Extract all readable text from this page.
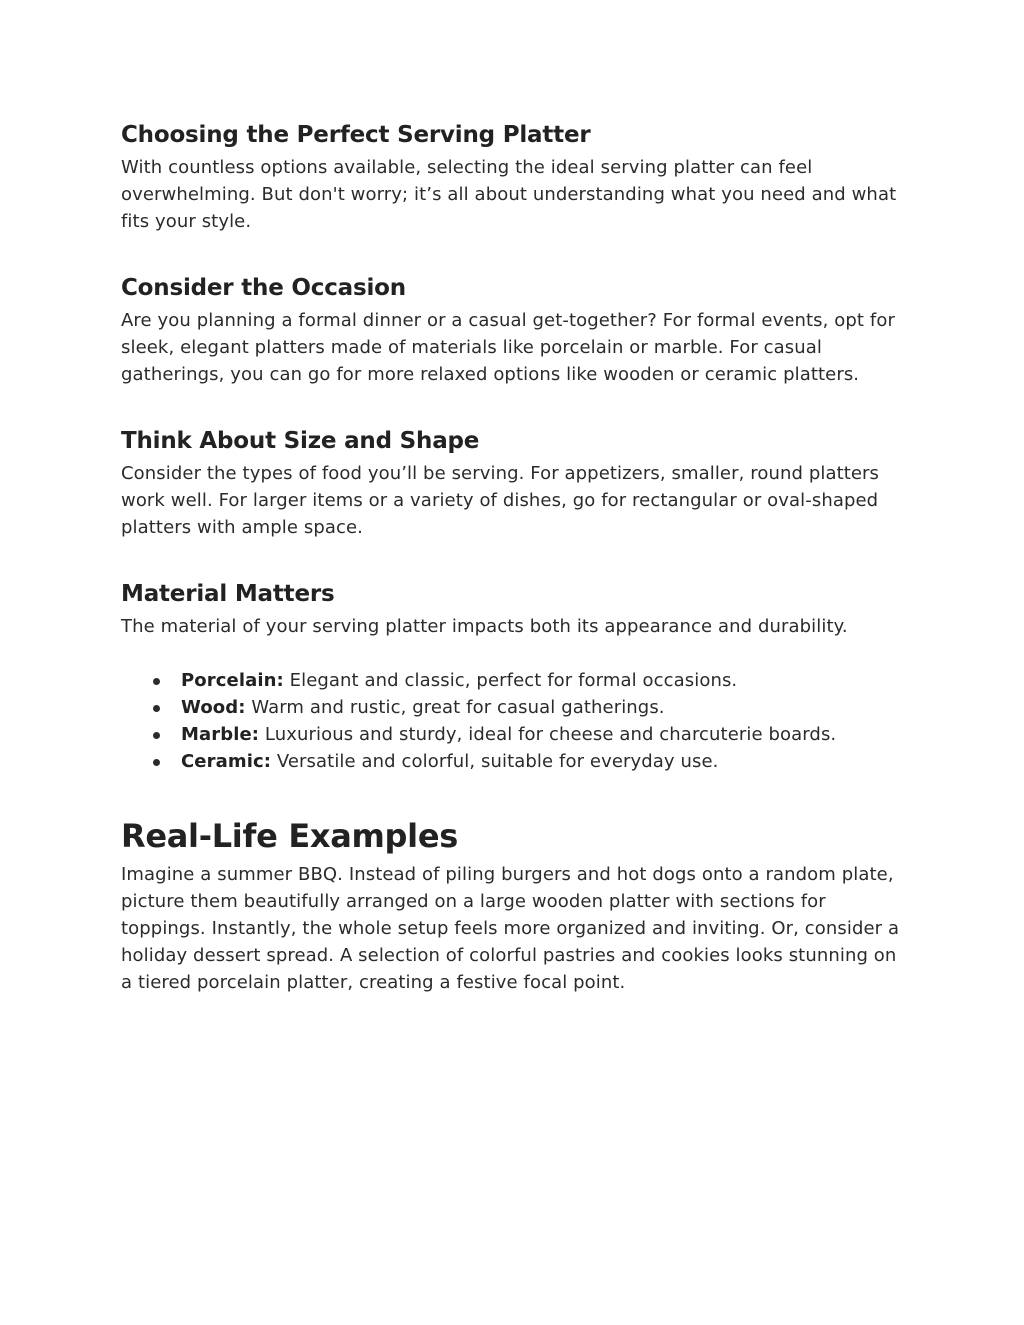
Choosing the Perfect Serving Platter

With countless options available, selecting the ideal serving platter can feel overwhelming. But don't worry; it’s all about understanding what you need and what fits your style.

Consider the Occasion

Are you planning a formal dinner or a casual get-together? For formal events, opt for sleek, elegant platters made of materials like porcelain or marble. For casual gatherings, you can go for more relaxed options like wooden or ceramic platters.

Think About Size and Shape

Consider the types of food you’ll be serving. For appetizers, smaller, round platters work well. For larger items or a variety of dishes, go for rectangular or oval-shaped platters with ample space.

Material Matters

The material of your serving platter impacts both its appearance and durability.

Porcelain: Elegant and classic, perfect for formal occasions.
Wood: Warm and rustic, great for casual gatherings.
Marble: Luxurious and sturdy, ideal for cheese and charcuterie boards.
Ceramic: Versatile and colorful, suitable for everyday use.
Real-Life Examples

Imagine a summer BBQ. Instead of piling burgers and hot dogs onto a random plate, picture them beautifully arranged on a large wooden platter with sections for toppings. Instantly, the whole setup feels more organized and inviting. Or, consider a holiday dessert spread. A selection of colorful pastries and cookies looks stunning on a tiered porcelain platter, creating a festive focal point.
